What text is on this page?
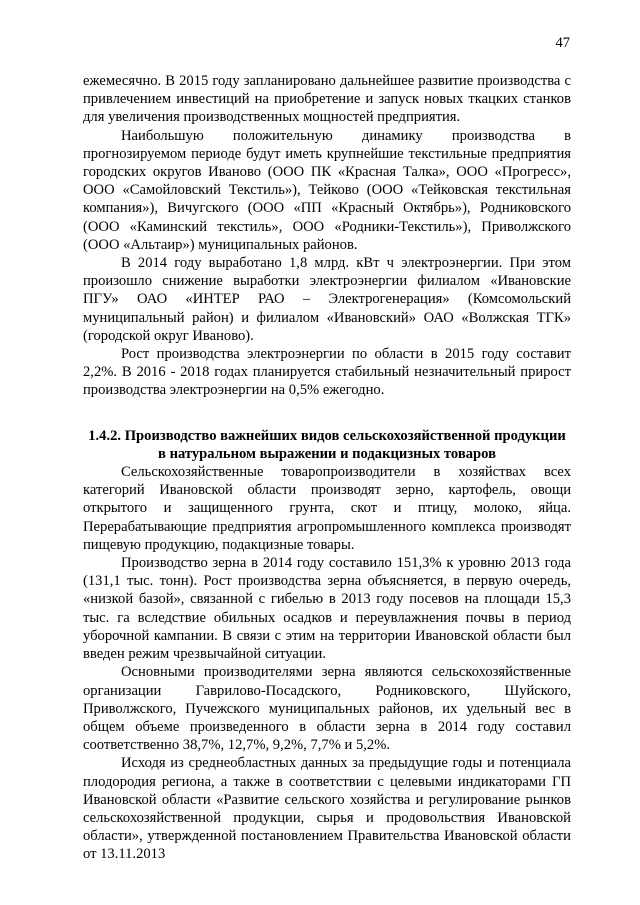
47

ежемесячно. В 2015 году запланировано дальнейшее развитие производства с привлечением инвестиций на приобретение и запуск новых ткацких станков для увеличения производственных мощностей предприятия.

Наибольшую положительную динамику производства в прогнозируемом периоде будут иметь крупнейшие текстильные предприятия городских округов Иваново (ООО ПК «Красная Талка», ООО «Прогресс», ООО «Самойловский Текстиль»), Тейково (ООО «Тейковская текстильная компания»), Вичугского (ООО «ПП «Красный Октябрь»), Родниковского (ООО «Каминский текстиль», ООО «Родники-Текстиль»), Приволжского (ООО «Альтаир») муниципальных районов.

В 2014 году выработано 1,8 млрд. кВт ч электроэнергии. При этом произошло снижение выработки электроэнергии филиалом «Ивановские ПГУ» ОАО «ИНТЕР РАО – Электрогенерация» (Комсомольский муниципальный район) и филиалом «Ивановский» ОАО «Волжская ТГК» (городской округ Иваново).

Рост производства электроэнергии по области в 2015 году составит 2,2%. В 2016 - 2018 годах планируется стабильный незначительный прирост производства электроэнергии на 0,5% ежегодно.

1.4.2. Производство важнейших видов сельскохозяйственной продукции в натуральном выражении и подакцизных товаров

Сельскохозяйственные товаропроизводители в хозяйствах всех категорий Ивановской области производят зерно, картофель, овощи открытого и защищенного грунта, скот и птицу, молоко, яйца. Перерабатывающие предприятия агропромышленного комплекса производят пищевую продукцию, подакцизные товары.

Производство зерна в 2014 году составило 151,3% к уровню 2013 года (131,1 тыс. тонн). Рост производства зерна объясняется, в первую очередь, «низкой базой», связанной с гибелью в 2013 году посевов на площади 15,3 тыс. га вследствие обильных осадков и переувлажнения почвы в период уборочной кампании. В связи с этим на территории Ивановской области был введен режим чрезвычайной ситуации.

Основными производителями зерна являются сельскохозяйственные организации Гаврилово-Посадского, Родниковского, Шуйского, Приволжского, Пучежского муниципальных районов, их удельный вес в общем объеме произведенного в области зерна в 2014 году составил соответственно 38,7%, 12,7%, 9,2%, 7,7% и 5,2%.

Исходя из среднеобластных данных за предыдущие годы и потенциала плодородия региона, а также в соответствии с целевыми индикаторами ГП Ивановской области «Развитие сельского хозяйства и регулирование рынков сельскохозяйственной продукции, сырья и продовольствия Ивановской области», утвержденной постановлением Правительства Ивановской области от 13.11.2013
